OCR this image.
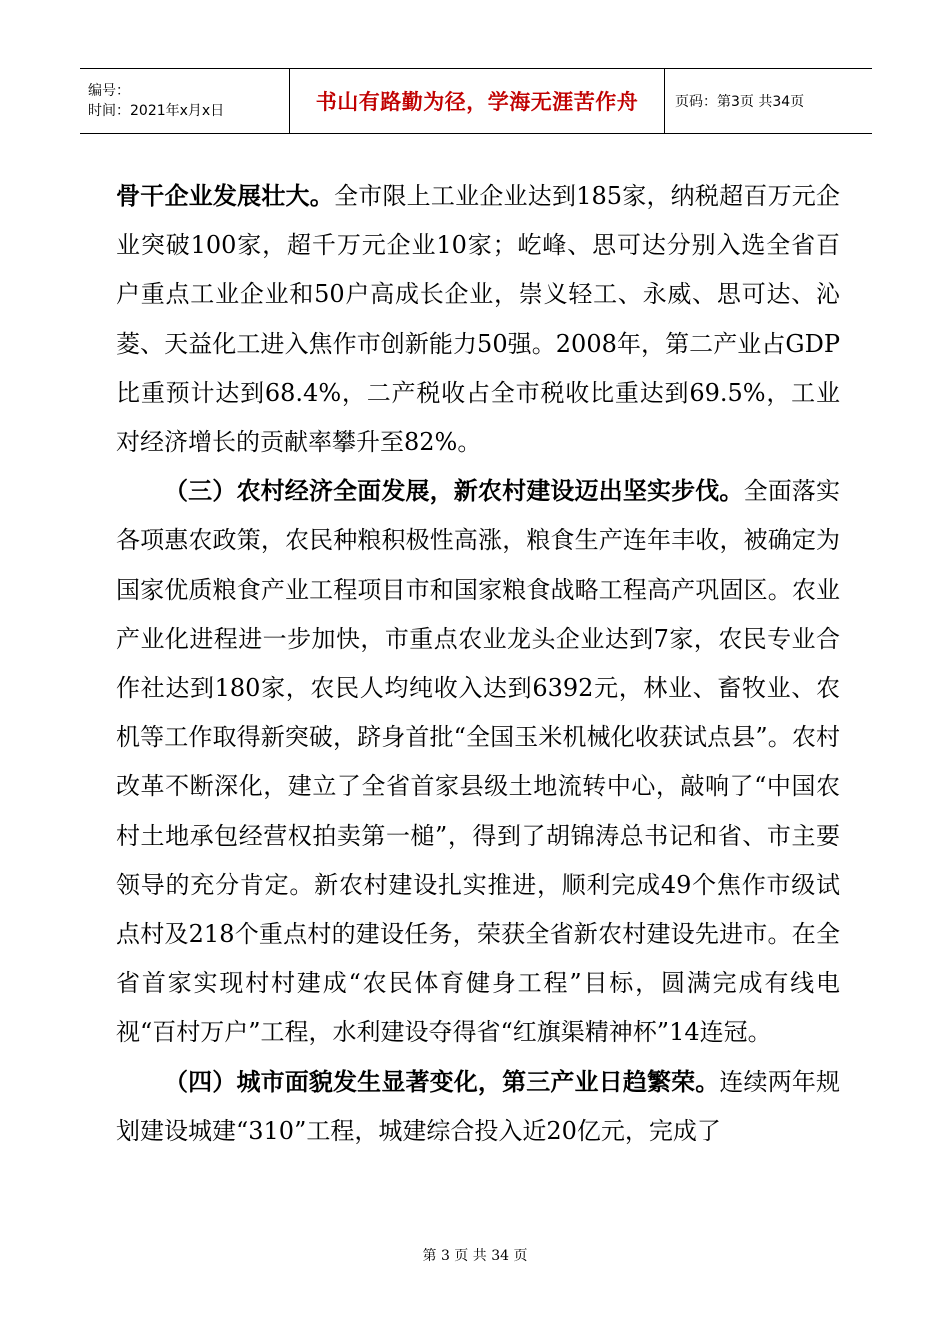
编号：
时间：2021年x月x日	书山有路勤为径，学海无涯苦作舟	页码：第3页 共34页

骨干企业发展壮大。全市限上工业企业达到185家，纳税超百万元企业突破100家，超千万元企业10家；屹峰、思可达分别入选全省百户重点工业企业和50户高成长企业，崇义轻工、永威、思可达、沁菱、天益化工进入焦作市创新能力50强。2008年，第二产业占GDP比重预计达到68.4%，二产税收占全市税收比重达到69.5%，工业对经济增长的贡献率攀升至82%。

（三）农村经济全面发展，新农村建设迈出坚实步伐。全面落实各项惠农政策，农民种粮积极性高涨，粮食生产连年丰收，被确定为国家优质粮食产业工程项目市和国家粮食战略工程高产巩固区。农业产业化进程进一步加快，市重点农业龙头企业达到7家，农民专业合作社达到180家，农民人均纯收入达到6392元，林业、畜牧业、农机等工作取得新突破，跻身首批“全国玉米机械化收获试点县”。农村改革不断深化，建立了全省首家县级土地流转中心，敲响了“中国农村土地承包经营权拍卖第一槌”，得到了胡锦涛总书记和省、市主要领导的充分肯定。新农村建设扎实推进，顺利完成49个焦作市级试点村及218个重点村的建设任务，荣获全省新农村建设先进市。在全省首家实现村村建成“农民体育健身工程”目标，圆满完成有线电视“百村万户”工程，水利建设夺得省“红旗渠精神杯”14连冠。

（四）城市面貌发生显著变化，第三产业日趋繁荣。连续两年规划建设城建“310”工程，城建综合投入近20亿元，完成了

第 3 页 共 34 页
